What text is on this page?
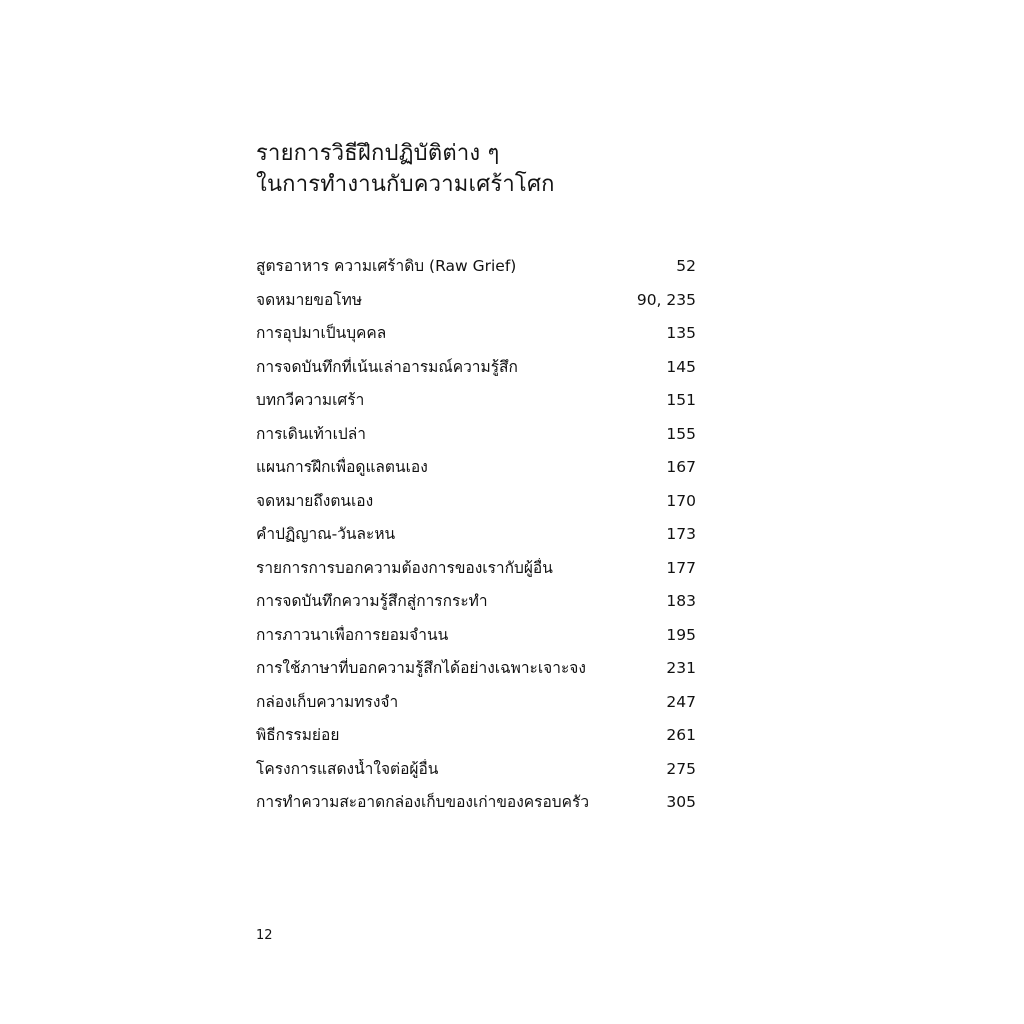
รายการวิธีฝึกปฏิบัติต่าง ๆ
ในการทำงานกับความเศร้าโศก
สูตรอาหาร ความเศร้าดิบ (Raw Grief)	52
จดหมายขอโทษ	90, 235
การอุปมาเป็นบุคคล	135
การจดบันทึกที่เน้นเล่าอารมณ์ความรู้สึก	145
บทกวีความเศร้า	151
การเดินเท้าเปล่า	155
แผนการฝึกเพื่อดูแลตนเอง	167
จดหมายถึงตนเอง	170
คำปฏิญาณ-วันละหน	173
รายการการบอกความต้องการของเรากับผู้อื่น	177
การจดบันทึกความรู้สึกสู่การกระทำ	183
การภาวนาเพื่อการยอมจำนน	195
การใช้ภาษาที่บอกความรู้สึกได้อย่างเฉพาะเจาะจง	231
กล่องเก็บความทรงจำ	247
พิธีกรรมย่อย	261
โครงการแสดงน้ำใจต่อผู้อื่น	275
การทำความสะอาดกล่องเก็บของเก่าของครอบครัว	305
12
